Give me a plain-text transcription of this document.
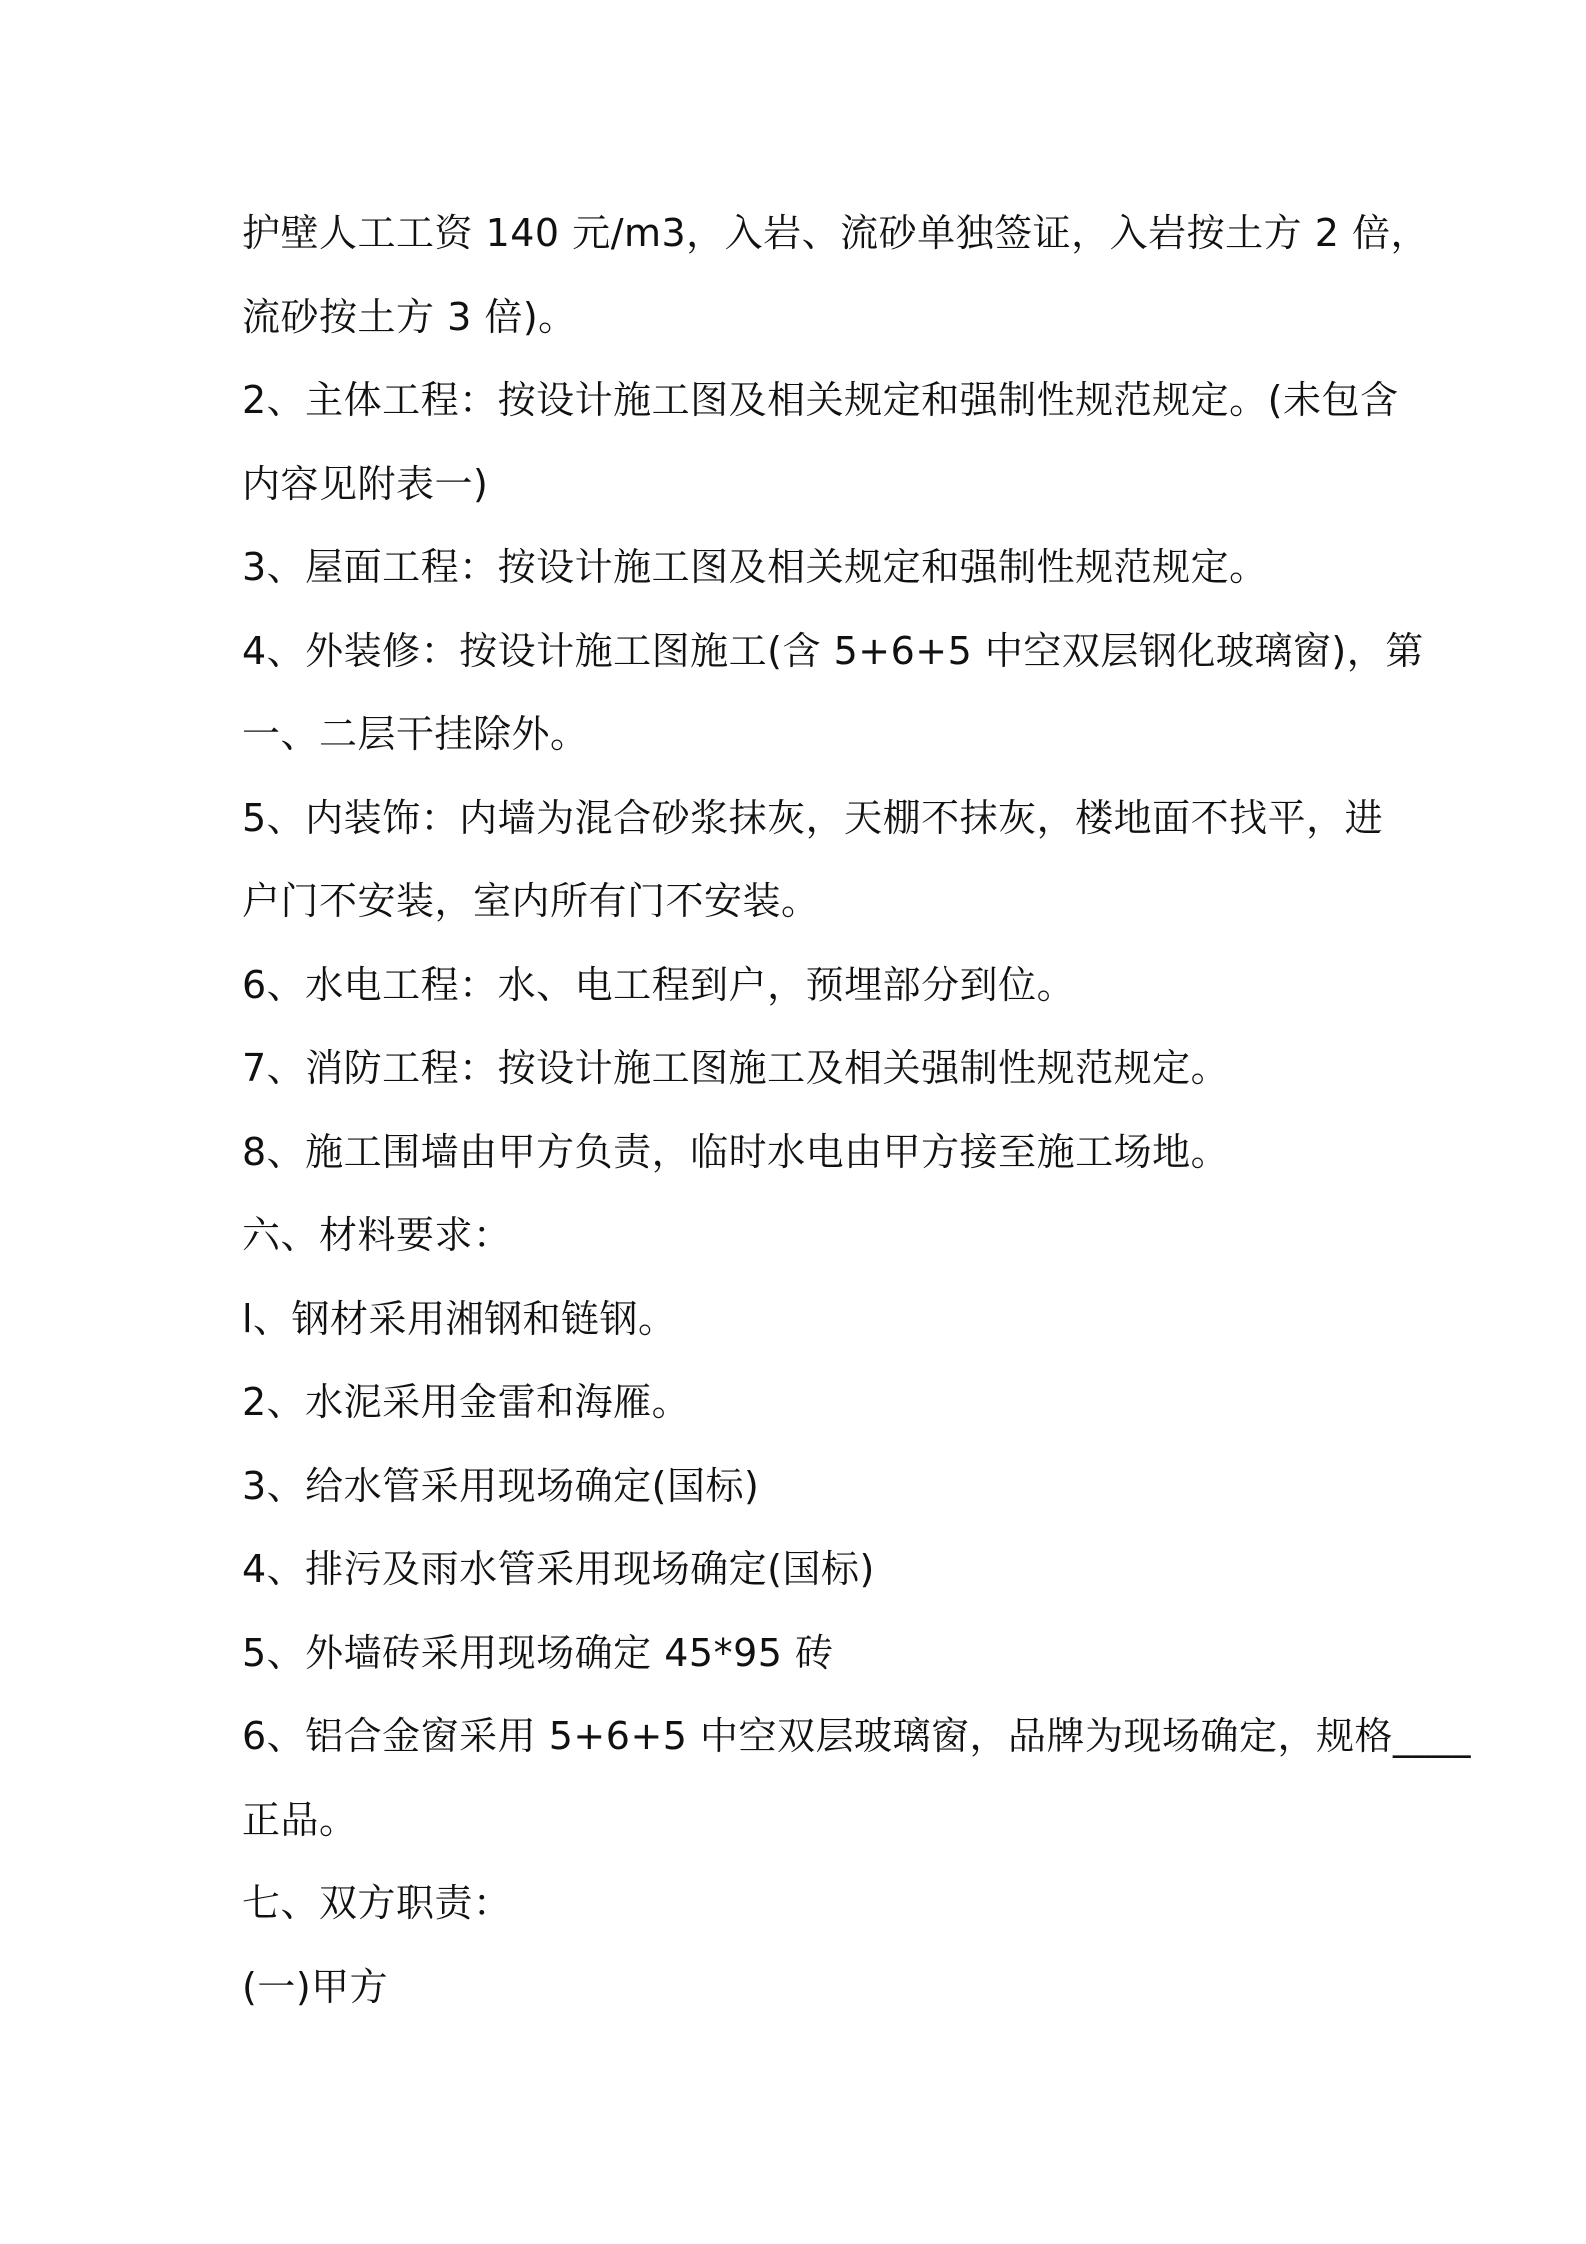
护壁人工工资 140 元/m3，入岩、流砂单独签证，入岩按土方 2 倍，

流砂按土方 3 倍)。

2、主体工程：按设计施工图及相关规定和强制性规范规定。(未包含

内容见附表一)

3、屋面工程：按设计施工图及相关规定和强制性规范规定。

4、外装修：按设计施工图施工(含 5+6+5 中空双层钢化玻璃窗)，第

一、二层干挂除外。

5、内装饰：内墙为混合砂浆抹灰，天棚不抹灰，楼地面不找平，进

户门不安装，室内所有门不安装。

6、水电工程：水、电工程到户，预埋部分到位。

7、消防工程：按设计施工图施工及相关强制性规范规定。

8、施工围墙由甲方负责，临时水电由甲方接至施工场地。

六、材料要求：

l、钢材采用湘钢和链钢。

2、水泥采用金雷和海雁。

3、给水管采用现场确定(国标)

4、排污及雨水管采用现场确定(国标)

5、外墙砖采用现场确定 45*95 砖

6、铝合金窗采用 5+6+5 中空双层玻璃窗，品牌为现场确定，规格____

正品。

七、双方职责：

(一)甲方
